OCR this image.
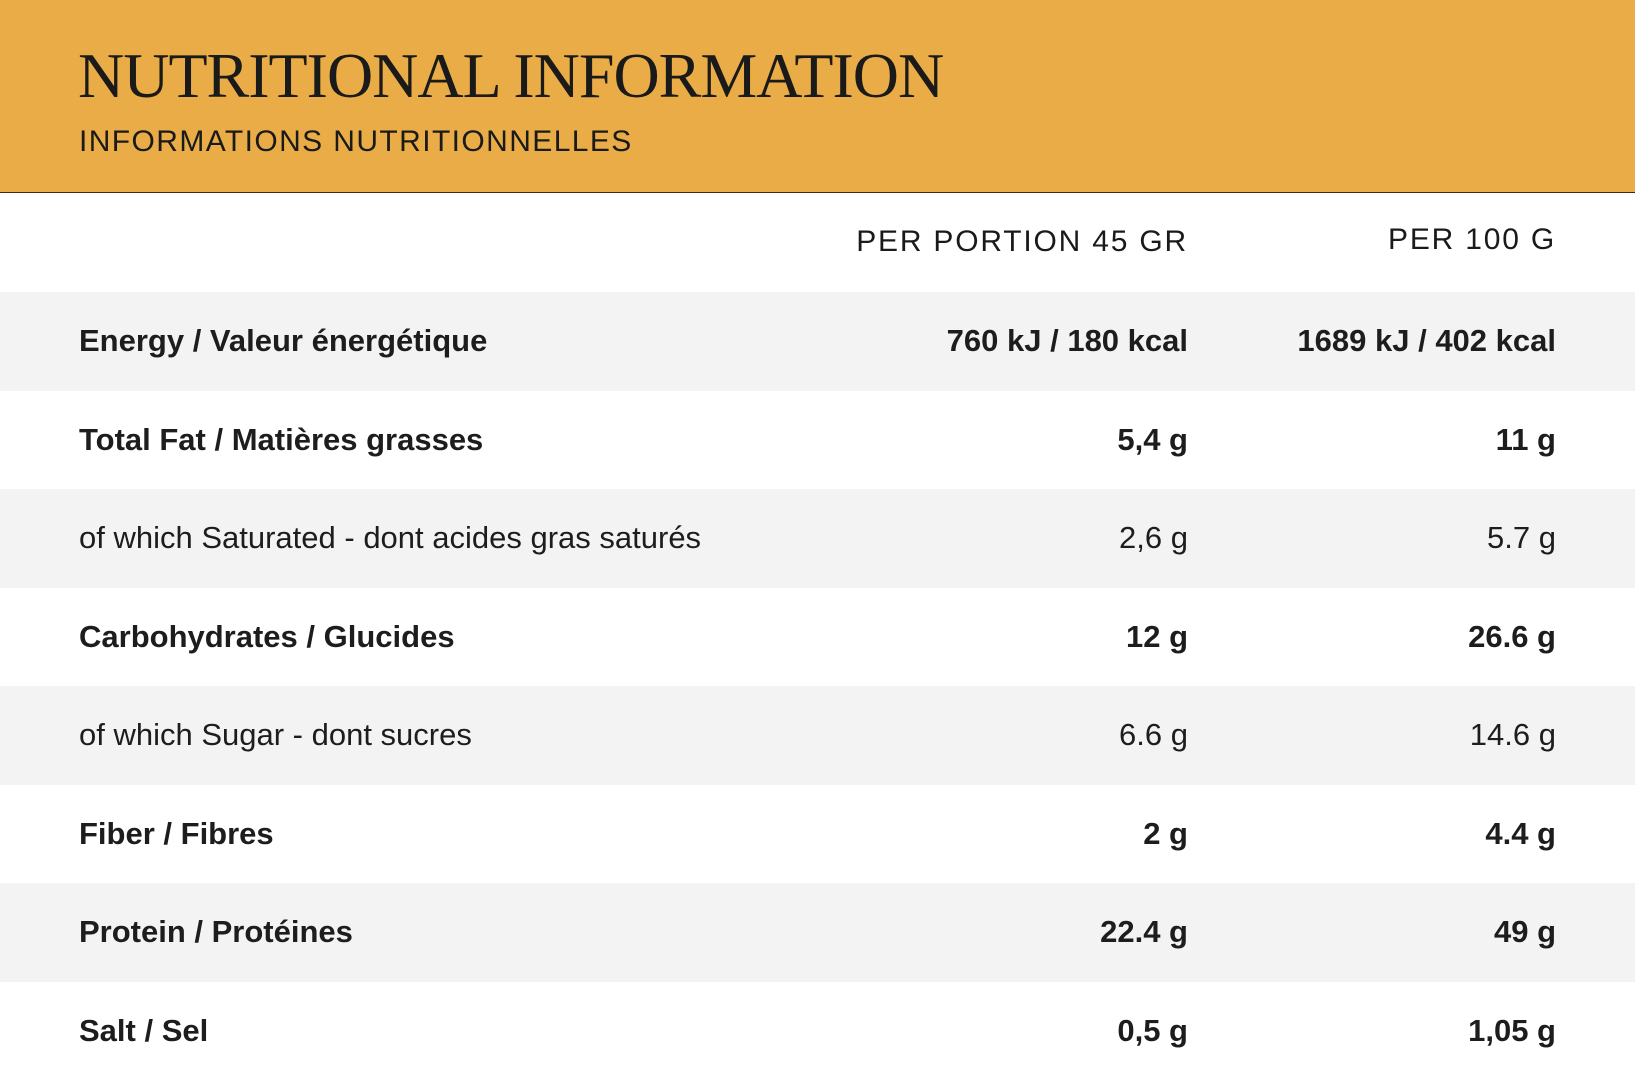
NUTRITIONAL INFORMATION
INFORMATIONS NUTRITIONNELLES
PER PORTION 45 GR	PER 100 G
Energy / Valeur énergétique	760 kJ / 180 kcal	1689 kJ / 402 kcal
Total Fat / Matières grasses	5,4 g	11 g
of which Saturated - dont acides gras saturés	2,6 g	5.7 g
Carbohydrates / Glucides	12 g	26.6 g
of which Sugar - dont sucres	6.6 g	14.6 g
Fiber / Fibres	2 g	4.4 g
Protein / Protéines	22.4 g	49 g
Salt / Sel	0,5 g	1,05 g
